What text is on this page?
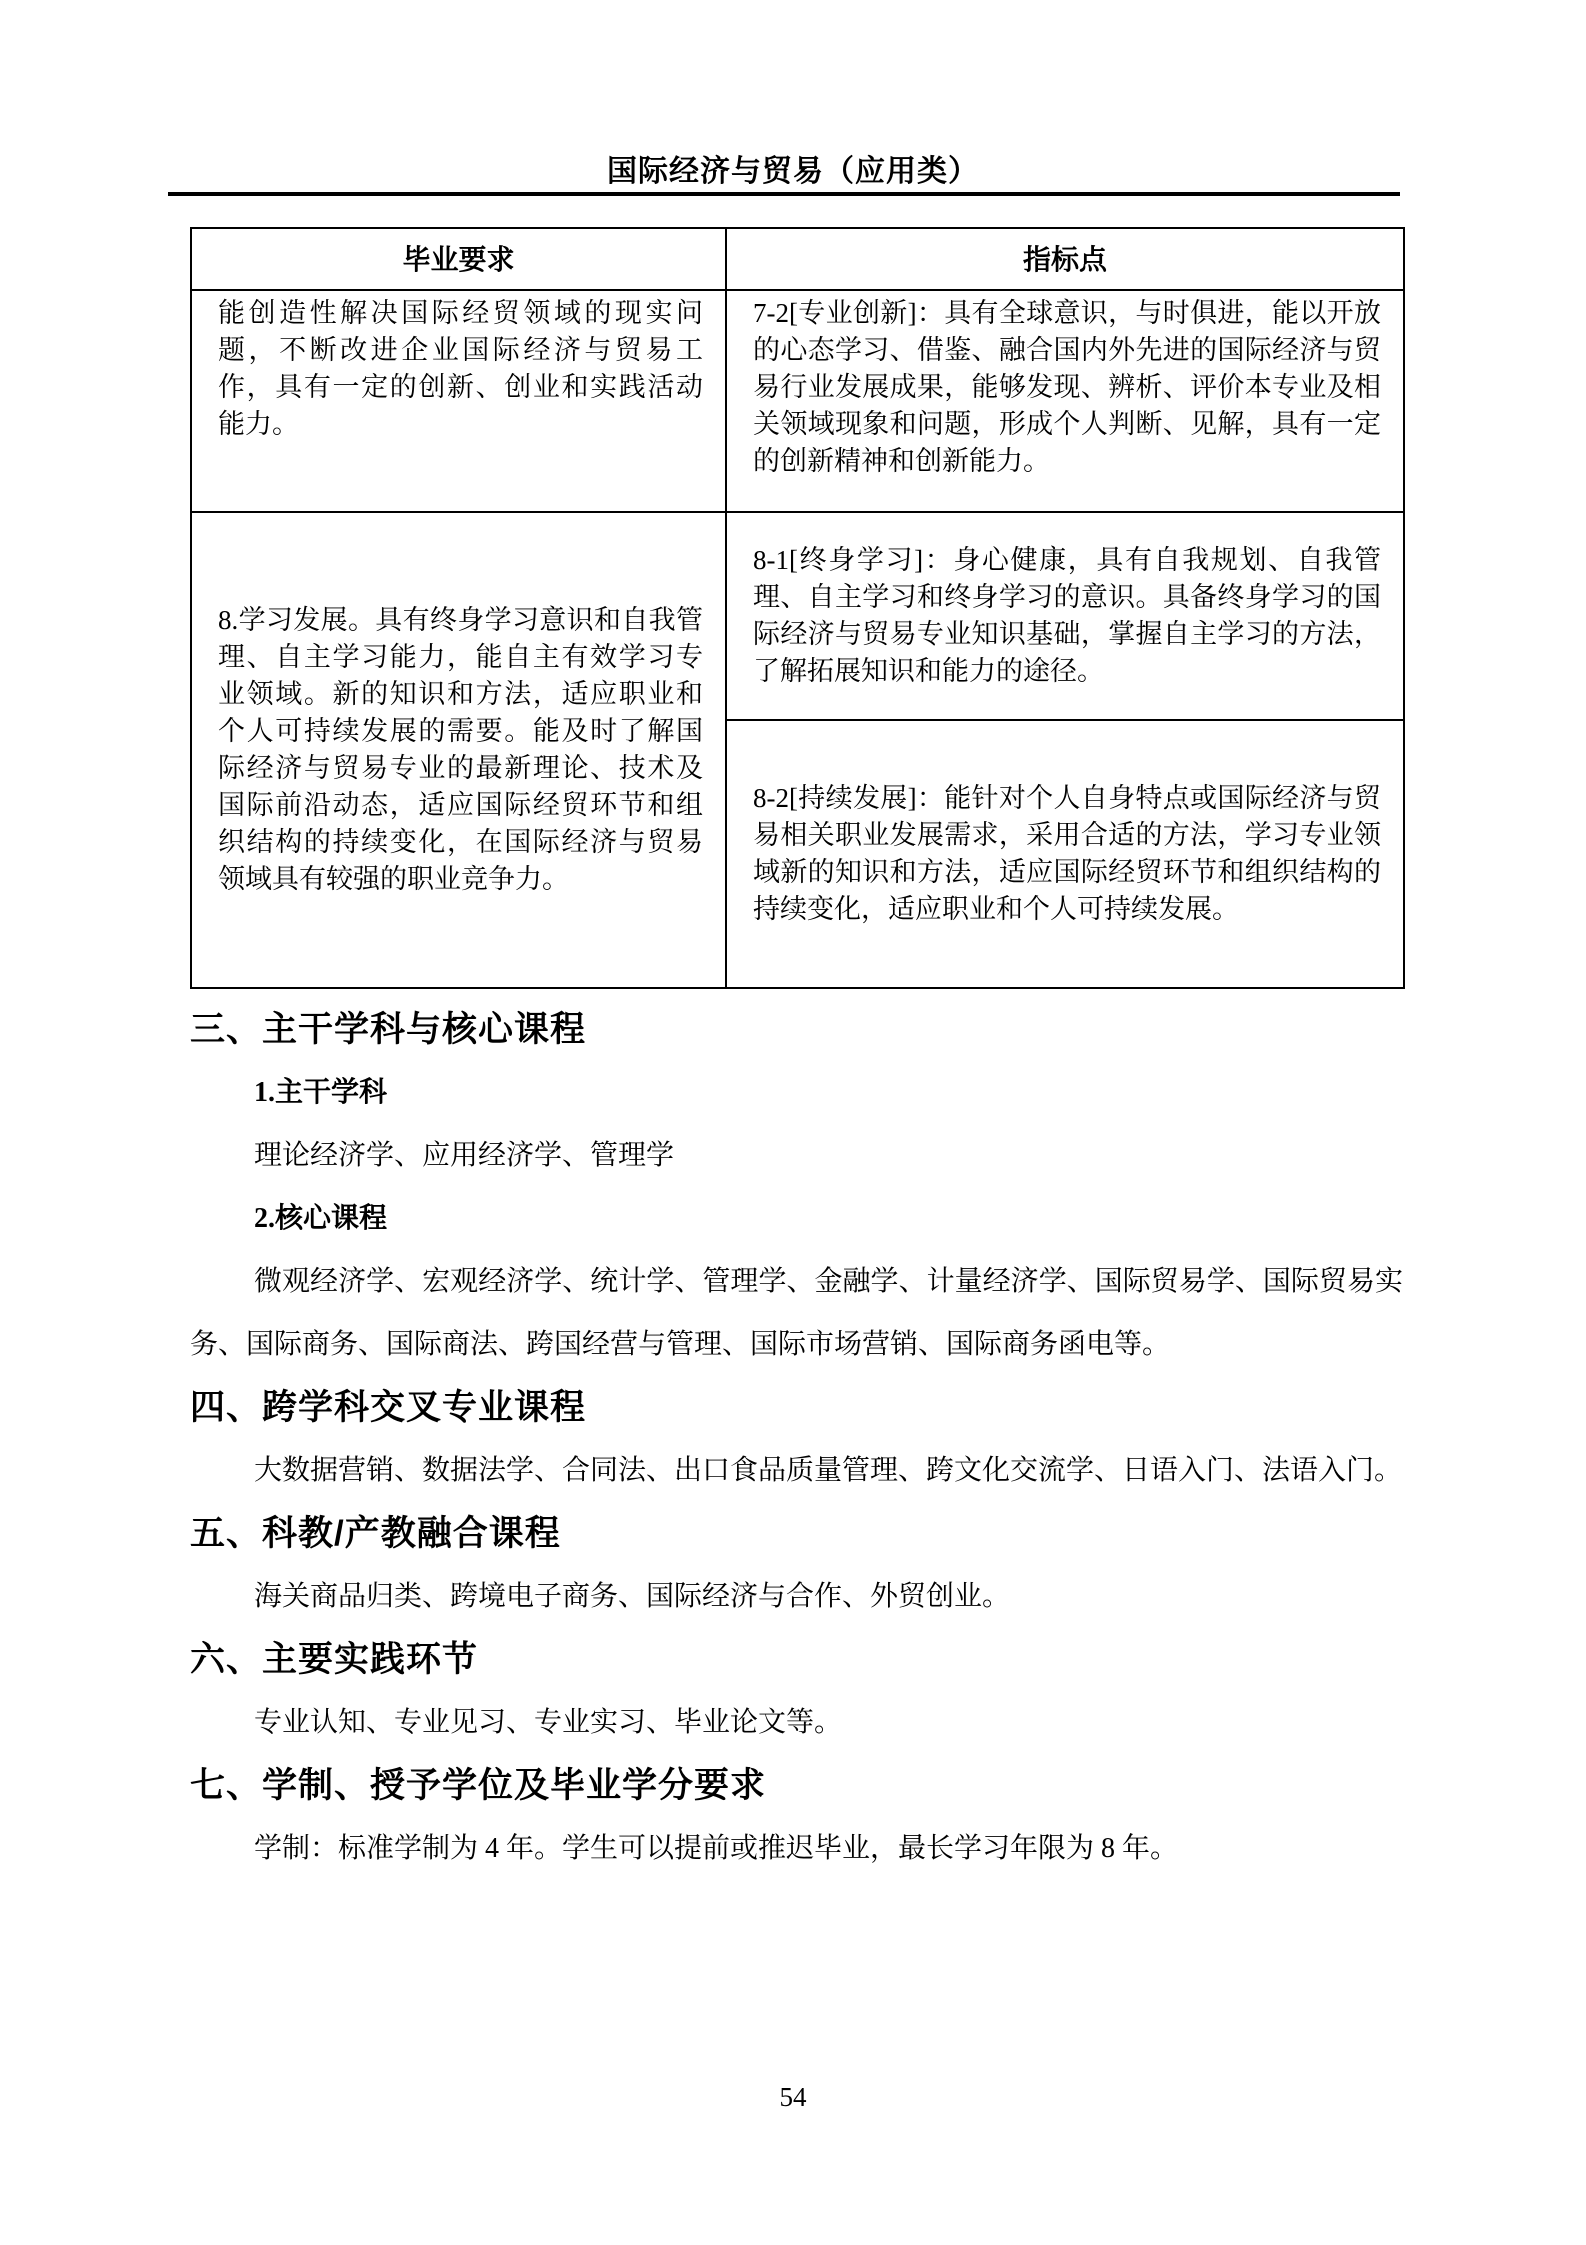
国际经济与贸易（应用类）
毕业要求	指标点
能创造性解决国际经贸领域的现实问题，不断改进企业国际经济与贸易工作，具有一定的创新、创业和实践活动能力。	7-2[专业创新]：具有全球意识，与时俱进，能以开放的心态学习、借鉴、融合国内外先进的国际经济与贸易行业发展成果，能够发现、辨析、评价本专业及相关领域现象和问题，形成个人判断、见解，具有一定的创新精神和创新能力。
8.学习发展。具有终身学习意识和自我管理、自主学习能力，能自主有效学习专业领域。新的知识和方法，适应职业和个人可持续发展的需要。能及时了解国际经济与贸易专业的最新理论、技术及国际前沿动态，适应国际经贸环节和组织结构的持续变化，在国际经济与贸易领域具有较强的职业竞争力。	8-1[终身学习]：身心健康，具有自我规划、自我管理、自主学习和终身学习的意识。具备终身学习的国际经济与贸易专业知识基础，掌握自主学习的方法，了解拓展知识和能力的途径。
	8-2[持续发展]：能针对个人自身特点或国际经济与贸易相关职业发展需求，采用合适的方法，学习专业领域新的知识和方法，适应国际经贸环节和组织结构的持续变化，适应职业和个人可持续发展。
三、主干学科与核心课程
1.主干学科

理论经济学、应用经济学、管理学

2.核心课程

微观经济学、宏观经济学、统计学、管理学、金融学、计量经济学、国际贸易学、国际贸易实务、国际商务、国际商法、跨国经营与管理、国际市场营销、国际商务函电等。

四、跨学科交叉专业课程

大数据营销、数据法学、合同法、出口食品质量管理、跨文化交流学、日语入门、法语入门。

五、科教/产教融合课程

海关商品归类、跨境电子商务、国际经济与合作、外贸创业。

六、主要实践环节

专业认知、专业见习、专业实习、毕业论文等。

七、学制、授予学位及毕业学分要求

学制：标准学制为 4 年。学生可以提前或推迟毕业，最长学习年限为 8 年。

54
